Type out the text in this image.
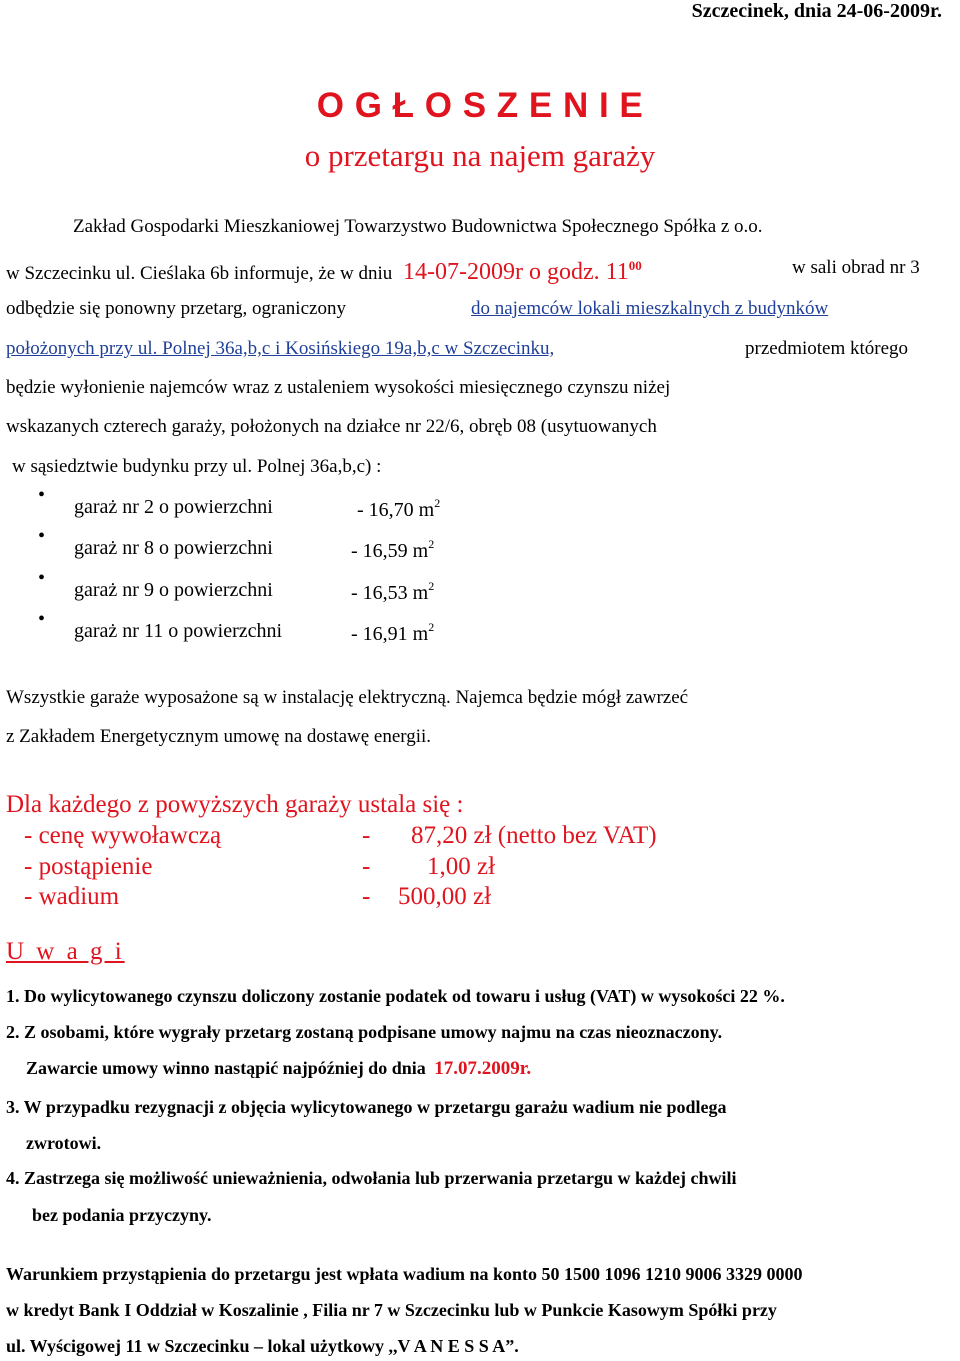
Szczecinek, dnia 24-06-2009r.
O G Ł O S Z E N I E
o przetargu na najem garaży
Zakład Gospodarki Mieszkaniowej Towarzystwo Budownictwa Społecznego Spółka z o.o.
w Szczecinku ul. Cieślaka 6b informuje, że w dniu 14-07-2009r o godz. $11^{00}$	w sali obrad nr 3
odbędzie się ponowny przetarg, ograniczony	do najemców lokali mieszkalnych z budynków
położonych przy ul. Polnej 36a,b,c i Kosińskiego 19a,b,c w Szczecinku,	przedmiotem którego
będzie wyłonienie najemców wraz z ustaleniem wysokości miesięcznego czynszu niżej
wskazanych czterech garaży, położonych na działce nr 22/6, obręb 08 (usytuowanych
w sąsiedztwie budynku przy ul. Polnej 36a,b,c) :
•
garaż nr 2 o powierzchni	- 16,70 $m^2$
•
garaż nr 8 o powierzchni	- 16,59 $m^2$
•
garaż nr 9 o powierzchni	- 16,53 $m^2$
•
garaż nr 11 o powierzchni	- 16,91 $m^2$
Wszystkie garaże wyposażone są w instalację elektryczną. Najemca będzie mógł zawrzeć
z Zakładem Energetycznym umowę na dostawę energii.
Dla każdego z powyższych garaży ustala się :
- cenę wywoławczą	- 87,20 zł (netto bez VAT)
- postąpienie	- 1,00 zł
- wadium	- 500,00 zł
U w a g i
1. Do wylicytowanego czynszu doliczony zostanie podatek od towaru i usług (VAT) w wysokości 22 %.
2. Z osobami, które wygrały przetarg zostaną podpisane umowy najmu na czas nieoznaczony.
Zawarcie umowy winno nastąpić najpóźniej do dnia 17.07.2009r.
3. W przypadku rezygnacji z objęcia wylicytowanego w przetargu garażu wadium nie podlega
zwrotowi.
4. Zastrzega się możliwość unieważnienia, odwołania lub przerwania przetargu w każdej chwili
bez podania przyczyny.
Warunkiem przystąpienia do przetargu jest wpłata wadium na konto 50 1500 1096 1210 9006 3329 0000
w kredyt Bank I Oddział w Koszalinie , Filia nr 7 w Szczecinku lub w Punkcie Kasowym Spółki przy
ul. Wyścigowej 11 w Szczecinku – lokal użytkowy ,,V A N E S S A”.
